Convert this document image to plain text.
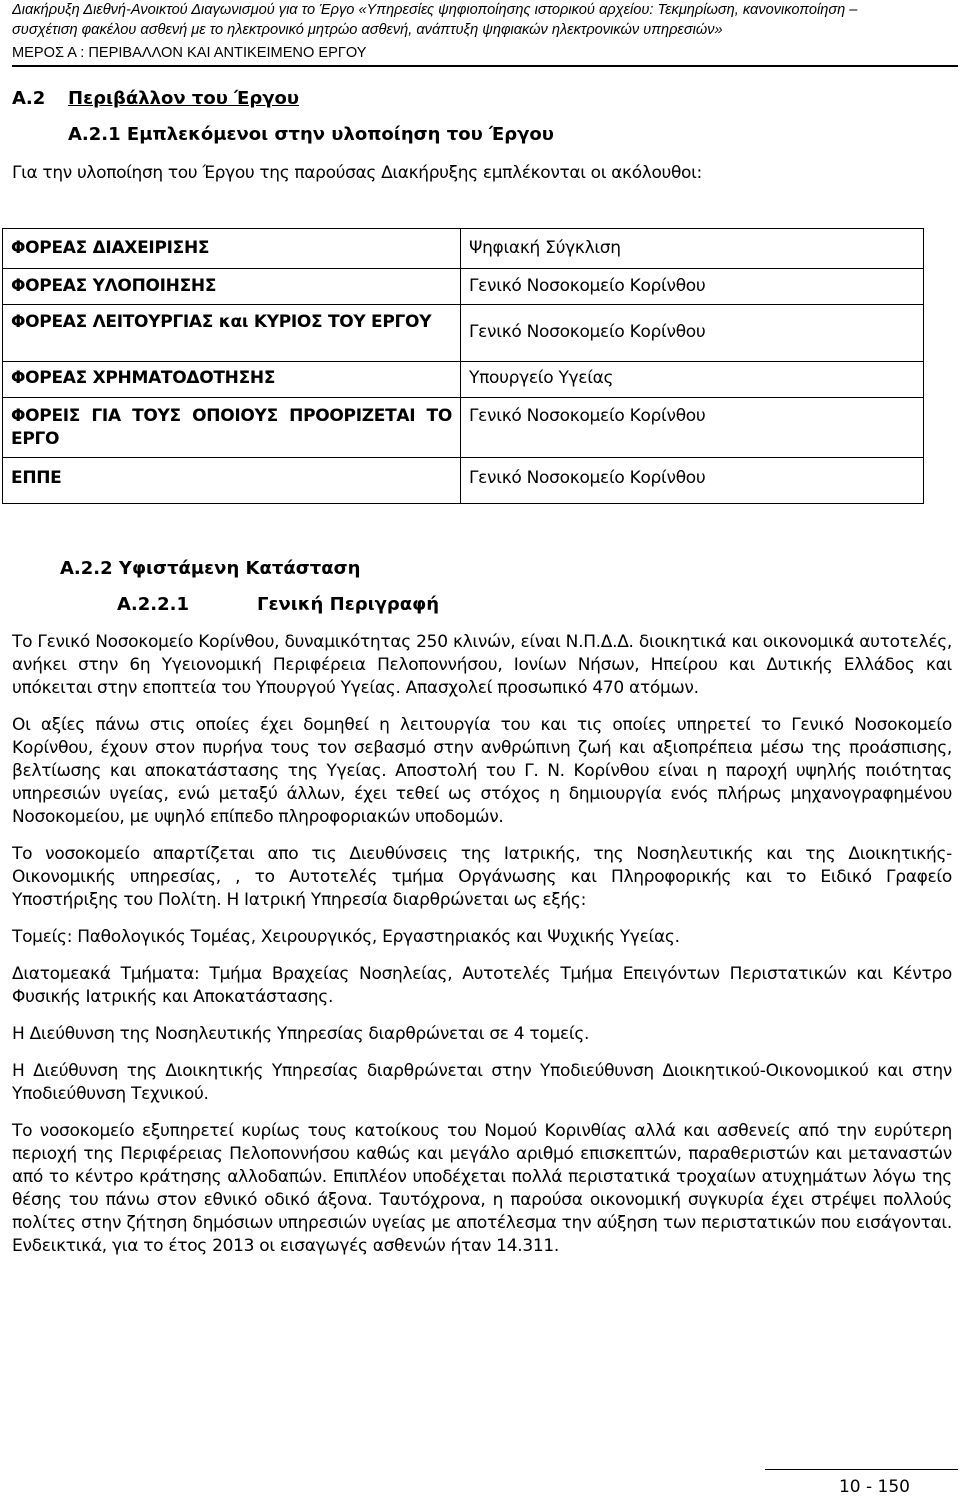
Διακήρυξη Διεθνή-Ανοικτού Διαγωνισμού για το Έργο «Υπηρεσίες ψηφιοποίησης ιστορικού αρχείου: Τεκμηρίωση, κανονικοποίηση –
συσχέτιση φακέλου ασθενή με το ηλεκτρονικό μητρώο ασθενή, ανάπτυξη ψηφιακών ηλεκτρονικών υπηρεσιών»
ΜΕΡΟΣ Α : ΠΕΡΙΒΑΛΛΟΝ ΚΑΙ ΑΝΤΙΚΕΙΜΕΝΟ ΕΡΓΟΥ
Α.2 Περιβάλλον του Έργου
Α.2.1 Εμπλεκόμενοι στην υλοποίηση του Έργου
Για την υλοποίηση του Έργου της παρούσας Διακήρυξης εμπλέκονται οι ακόλουθοι:
ΦΟΡΕΑΣ ΔΙΑΧΕΙΡΙΣΗΣ	Ψηφιακή Σύγκλιση
ΦΟΡΕΑΣ ΥΛΟΠΟΙΗΣΗΣ	Γενικό Νοσοκομείο Κορίνθου
ΦΟΡΕΑΣ ΛΕΙΤΟΥΡΓΙΑΣ και ΚΥΡΙΟΣ ΤΟΥ ΕΡΓΟΥ	Γενικό Νοσοκομείο Κορίνθου
ΦΟΡΕΑΣ ΧΡΗΜΑΤΟΔΟΤΗΣΗΣ	Υπουργείο Υγείας
ΦΟΡΕΙΣ ΓΙΑ ΤΟΥΣ ΟΠΟΙΟΥΣ ΠΡΟΟΡΙΖΕΤΑΙ ΤΟ ΕΡΓΟ	Γενικό Νοσοκομείο Κορίνθου
ΕΠΠΕ	Γενικό Νοσοκομείο Κορίνθου
Α.2.2 Υφιστάμενη Κατάσταση
Α.2.2.1	Γενική Περιγραφή

Το Γενικό Νοσοκομείο Κορίνθου, δυναμικότητας 250 κλινών, είναι Ν.Π.Δ.Δ. διοικητικά και οικονομικά αυτοτελές, ανήκει στην 6η Υγειονομική Περιφέρεια Πελοποννήσου, Ιονίων Νήσων, Ηπείρου και Δυτικής Ελλάδος και υπόκειται στην εποπτεία του Υπουργού Υγείας. Απασχολεί προσωπικό 470 ατόμων.

Οι αξίες πάνω στις οποίες έχει δομηθεί η λειτουργία του και τις οποίες υπηρετεί το Γενικό Νοσοκομείο Κορίνθου, έχουν στον πυρήνα τους τον σεβασμό στην ανθρώπινη ζωή και αξιοπρέπεια μέσω της προάσπισης, βελτίωσης και αποκατάστασης της Υγείας. Αποστολή του Γ. Ν. Κορίνθου είναι η παροχή υψηλής ποιότητας υπηρεσιών υγείας, ενώ μεταξύ άλλων, έχει τεθεί ως στόχος η δημιουργία ενός πλήρως μηχανογραφημένου Νοσοκομείου, με υψηλό επίπεδο πληροφοριακών υποδομών.

Το νοσοκομείο απαρτίζεται απο τις Διευθύνσεις της Ιατρικής, της Νοσηλευτικής και της Διοικητικής-Οικονομικής υπηρεσίας, , το Αυτοτελές τμήμα Οργάνωσης και Πληροφορικής και το Ειδικό Γραφείο Υποστήριξης του Πολίτη. Η Ιατρική Υπηρεσία διαρθρώνεται ως εξής:

Τομείς: Παθολογικός Τομέας, Χειρουργικός, Εργαστηριακός και Ψυχικής Υγείας.

Διατομεακά Τμήματα: Τμήμα Βραχείας Νοσηλείας, Αυτοτελές Τμήμα Επειγόντων Περιστατικών και Κέντρο Φυσικής Ιατρικής και Αποκατάστασης.

Η Διεύθυνση της Νοσηλευτικής Υπηρεσίας διαρθρώνεται σε 4 τομείς.

Η Διεύθυνση της Διοικητικής Υπηρεσίας διαρθρώνεται στην Υποδιεύθυνση Διοικητικού-Οικονομικού και στην Υποδιεύθυνση Τεχνικού.

Το νοσοκομείο εξυπηρετεί κυρίως τους κατοίκους του Νομού Κορινθίας αλλά και ασθενείς από την ευρύτερη περιοχή της Περιφέρειας Πελοποννήσου καθώς και μεγάλο αριθμό επισκεπτών, παραθεριστών και μεταναστών από το κέντρο κράτησης αλλοδαπών. Επιπλέον υποδέχεται πολλά περιστατικά τροχαίων ατυχημάτων λόγω της θέσης του πάνω στον εθνικό οδικό άξονα. Ταυτόχρονα, η παρούσα οικονομική συγκυρία έχει στρέψει πολλούς πολίτες στην ζήτηση δημόσιων υπηρεσιών υγείας με αποτέλεσμα την αύξηση των περιστατικών που εισάγονται. Ενδεικτικά, για το έτος 2013 οι εισαγωγές ασθενών ήταν 14.311.

10 - 150
